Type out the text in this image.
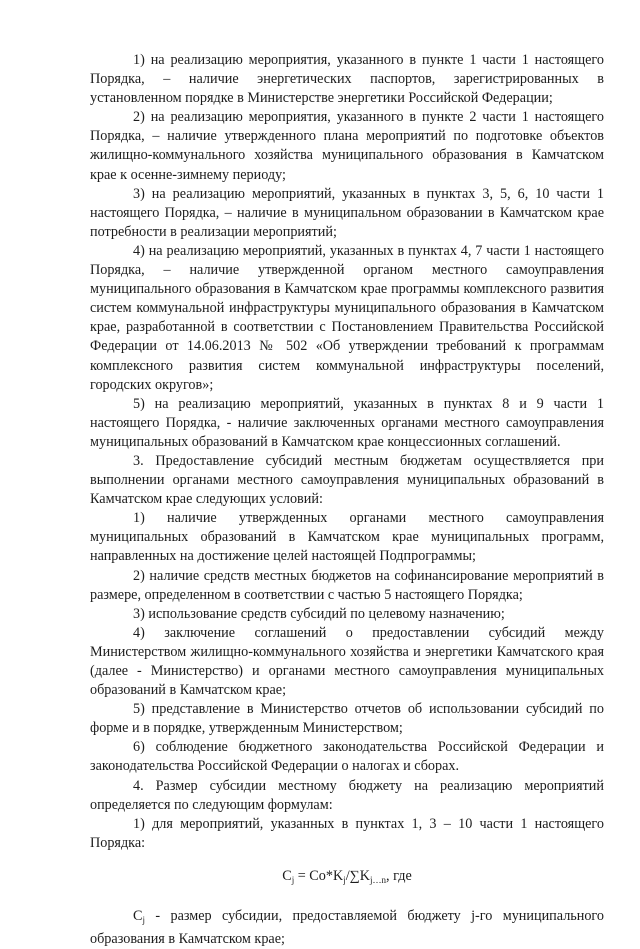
1) на реализацию мероприятия, указанного в пункте 1 части 1 настоящего Порядка, – наличие энергетических паспортов, зарегистрированных в установленном порядке в Министерстве энергетики Российской Федерации;

2) на реализацию мероприятия, указанного в пункте 2 части 1 настоящего Порядка, – наличие утвержденного плана мероприятий по подготовке объектов жилищно-коммунального хозяйства муниципального образования в Камчатском крае к осенне-зимнему периоду;

3) на реализацию мероприятий, указанных в пунктах 3, 5, 6, 10 части 1 настоящего Порядка, – наличие в муниципальном образовании в Камчатском крае потребности в реализации мероприятий;

4) на реализацию мероприятий, указанных в пунктах 4, 7 части 1 настоящего Порядка, – наличие утвержденной органом местного самоуправления муниципального образования в Камчатском крае программы комплексного развития систем коммунальной инфраструктуры муниципального образования в Камчатском крае, разработанной в соответствии с Постановлением Правительства Российской Федерации от 14.06.2013 № 502 «Об утверждении требований к программам комплексного развития систем коммунальной инфраструктуры поселений, городских округов»;

5) на реализацию мероприятий, указанных в пунктах 8 и 9 части 1 настоящего Порядка, - наличие заключенных органами местного самоуправления муниципальных образований в Камчатском крае концессионных соглашений.

3. Предоставление субсидий местным бюджетам осуществляется при выполнении органами местного самоуправления муниципальных образований в Камчатском крае следующих условий:

1) наличие утвержденных органами местного самоуправления муниципальных образований в Камчатском крае муниципальных программ, направленных на достижение целей настоящей Подпрограммы;

2) наличие средств местных бюджетов на софинансирование мероприятий в размере, определенном в соответствии с частью 5 настоящего Порядка;

3) использование средств субсидий по целевому назначению;

4) заключение соглашений о предоставлении субсидий между Министерством жилищно-коммунального хозяйства и энергетики Камчатского края (далее - Министерство) и органами местного самоуправления муниципальных образований в Камчатском крае;

5) представление в Министерство отчетов об использовании субсидий по форме и в порядке, утвержденным Министерством;

6) соблюдение бюджетного законодательства Российской Федерации и законодательства Российской Федерации о налогах и сборах.

4. Размер субсидии местному бюджету на реализацию мероприятий определяется по следующим формулам:

1) для мероприятий, указанных в пунктах 1, 3 – 10 части 1 настоящего Порядка:

$C_j = Co*K_j/\sum K_{j\dots n}$, где

$C_j$ - размер субсидии, предоставляемой бюджету j-го муниципального образования в Камчатском крае;
